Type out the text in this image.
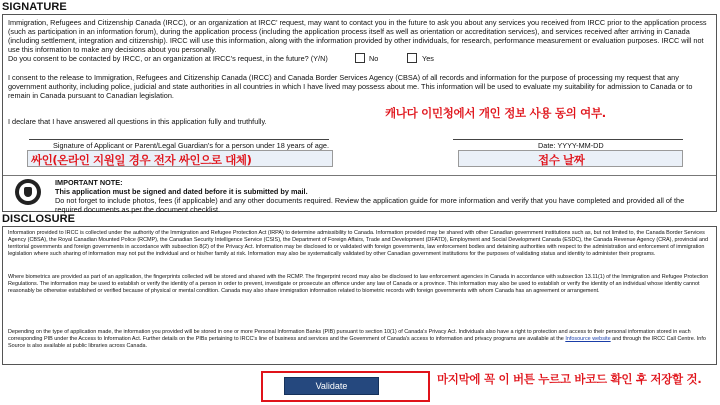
SIGNATURE
Immigration, Refugees and Citizenship Canada (IRCC), or an organization at IRCC' request, may want to contact you in the future to ask you about any services you received from IRCC prior to the application process (such as participation in an information forum), during the application process (including the application process itself as well as orientation or accreditation services), and services received after arriving in Canada (including settlement, integration and citizenship). IRCC will use this information, along with the information provided by other individuals, for research, performance measurement or evaluation purposes. IRCC will not use this information to make any decisions about you personally.
Do you consent to be contacted by IRCC, or an organization at IRCC's request, in the future? (Y/N)	No	Yes
I consent to the release to Immigration, Refugees and Citizenship Canada (IRCC) and Canada Border Services Agency (CBSA) of all records and information for the purpose of processing my request that any government authority, including police, judicial and state authorities in all countries in which I have lived may possess about me. This information will be used to evaluate my suitability for admission to Canada or to remain in Canada pursuant to Canadian legislation.
캐나다 이민청에서 개인 정보 사용 동의 여부.
I declare that I have answered all questions in this application fully and truthfully.
Signature of Applicant or Parent/Legal Guardian's for a person under 18 years of age.	Date: YYYY-MM-DD
싸인(온라인 지원일 경우 전자 싸인으로 대체)	접수 날짜
IMPORTANT NOTE:
This application must be signed and dated before it is submitted by mail.
Do not forget to include photos, fees (if applicable) and any other documents required. Review the application guide for more information and verify that you have completed and provided all of the required documents as per the document checklist.
DISCLOSURE
Information provided to IRCC is collected under the authority of the Immigration and Refugee Protection Act (IRPA) to determine admissibility to Canada. Information provided may be shared with other Canadian government institutions such as, but not limited to, the Canada Border Services Agency (CBSA), the Royal Canadian Mounted Police (RCMP), the Canadian Security Intelligence Service (CSIS), the Department of Foreign Affairs, Trade and Development (DFATD), Employment and Social Development Canada (ESDC), the Canada Revenue Agency (CRA), provincial and territorial governments and foreign governments in accordance with subsection 8(2) of the Privacy Act. Information may be disclosed to or validated with foreign governments, law enforcement bodies and detaining authorities with respect to the administration and enforcement of immigration legislation where such sharing of information may not put the individual and or his/her family at risk. Information may also be systematically validated by other Canadian government institutions for the purposes of validating status and identity to administer their programs.
Where biometrics are provided as part of an application, the fingerprints collected will be stored and shared with the RCMP. The fingerprint record may also be disclosed to law enforcement agencies in Canada in accordance with subsection 13.11(1) of the Immigration and Refugee Protection Regulations. The information may be used to establish or verify the identity of a person in order to prevent, investigate or prosecute an offence under any law of Canada or a province. This information may also be used to establish or verify the identity of an individual whose identity cannot reasonably be otherwise established or verified because of physical or mental condition. Canada may also share immigration information related to biometric records with foreign governments with whom Canada has an agreement or arrangement.
Depending on the type of application made, the information you provided will be stored in one or more Personal Information Banks (PIB) pursuant to section 10(1) of Canada's Privacy Act. Individuals also have a right to protection and access to their personal information stored in each corresponding PIB under the Access to Information Act. Further details on the PIBs pertaining to IRCC's line of business and services and the Government of Canada's access to information and privacy programs are available at the Infosource website and through the IRCC Call Centre. Info Source is also available at public libraries across Canada.
Validate	마지막에 꼭 이 버튼 누르고 바코드 확인 후 저장할 것.
